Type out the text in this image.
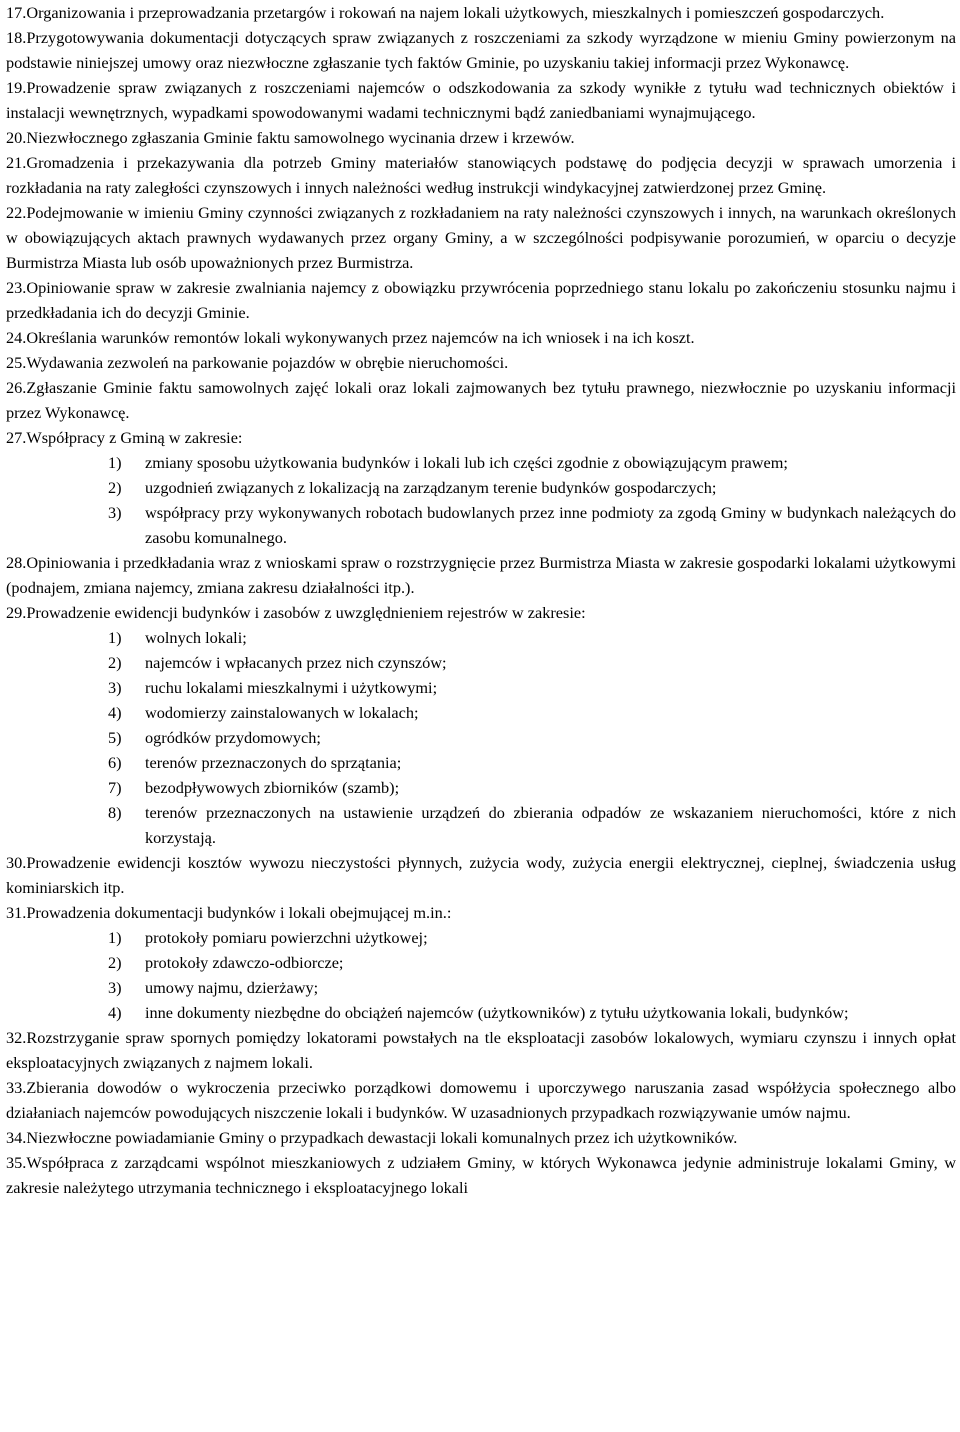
17.Organizowania i przeprowadzania przetargów i rokowań na najem lokali użytkowych, mieszkalnych i pomieszczeń gospodarczych.

18.Przygotowywania dokumentacji dotyczących spraw związanych z roszczeniami za szkody wyrządzone w mieniu Gminy powierzonym na podstawie niniejszej umowy oraz niezwłoczne zgłaszanie tych faktów Gminie, po uzyskaniu takiej informacji przez Wykonawcę.

19.Prowadzenie spraw związanych z roszczeniami najemców o odszkodowania za szkody wynikłe z tytułu wad technicznych obiektów i instalacji wewnętrznych, wypadkami spowodowanymi wadami technicznymi bądź zaniedbaniami wynajmującego.

20.Niezwłocznego zgłaszania Gminie faktu samowolnego wycinania drzew i krzewów.

21.Gromadzenia i przekazywania dla potrzeb Gminy materiałów stanowiących podstawę do podjęcia decyzji w sprawach umorzenia i rozkładania na raty zaległości czynszowych i innych należności według instrukcji windykacyjnej zatwierdzonej przez Gminę.

22.Podejmowanie w imieniu Gminy czynności związanych z rozkładaniem na raty należności czynszowych i innych, na warunkach określonych w obowiązujących aktach prawnych wydawanych przez organy Gminy, a w szczególności podpisywanie porozumień, w oparciu o decyzje Burmistrza Miasta lub osób upoważnionych przez Burmistrza.

23.Opiniowanie spraw w zakresie zwalniania najemcy z obowiązku przywrócenia poprzedniego stanu lokalu po zakończeniu stosunku najmu i przedkładania ich do decyzji Gminie.

24.Określania warunków remontów lokali wykonywanych przez najemców na ich wniosek i na ich koszt.

25.Wydawania zezwoleń na parkowanie pojazdów w obrębie nieruchomości.

26.Zgłaszanie Gminie faktu samowolnych zajęć lokali oraz lokali zajmowanych bez tytułu prawnego, niezwłocznie po uzyskaniu informacji przez Wykonawcę.

27.Współpracy z Gminą w zakresie:

1) zmiany sposobu użytkowania budynków i lokali lub ich części zgodnie z obowiązującym prawem;
2) uzgodnień związanych z lokalizacją na zarządzanym terenie budynków gospodarczych;
3) współpracy przy wykonywanych robotach budowlanych przez inne podmioty za zgodą Gminy w budynkach należących do zasobu komunalnego.

28.Opiniowania i przedkładania wraz z wnioskami spraw o rozstrzygnięcie przez Burmistrza Miasta w zakresie gospodarki lokalami użytkowymi (podnajem, zmiana najemcy, zmiana zakresu działalności itp.).

29.Prowadzenie ewidencji budynków i zasobów z uwzględnieniem rejestrów w zakresie:

1) wolnych lokali;
2) najemców i wpłacanych przez nich czynszów;
3) ruchu lokalami mieszkalnymi i użytkowymi;
4) wodomierzy zainstalowanych w lokalach;
5) ogródków przydomowych;
6) terenów przeznaczonych do sprzątania;
7) bezodpływowych zbiorników (szamb);
8) terenów przeznaczonych na ustawienie urządzeń do zbierania odpadów ze wskazaniem nieruchomości, które z nich korzystają.

30.Prowadzenie ewidencji kosztów wywozu nieczystości płynnych, zużycia wody, zużycia energii elektrycznej, cieplnej, świadczenia usług kominiarskich itp.

31.Prowadzenia dokumentacji budynków i lokali obejmującej m.in.:

1) protokoły pomiaru powierzchni użytkowej;
2) protokoły zdawczo-odbiorcze;
3) umowy najmu, dzierżawy;
4) inne dokumenty niezbędne do obciążeń najemców (użytkowników) z tytułu użytkowania lokali, budynków;

32.Rozstrzyganie spraw spornych pomiędzy lokatorami powstałych na tle eksploatacji zasobów lokalowych, wymiaru czynszu i innych opłat eksploatacyjnych związanych z najmem lokali.

33.Zbierania dowodów o wykroczenia przeciwko porządkowi domowemu i uporczywego naruszania zasad współżycia społecznego albo działaniach najemców powodujących niszczenie lokali i budynków. W uzasadnionych przypadkach rozwiązywanie umów najmu.

34.Niezwłoczne powiadamianie Gminy o przypadkach dewastacji lokali komunalnych przez ich użytkowników.

35.Współpraca z zarządcami wspólnot mieszkaniowych z udziałem Gminy, w których Wykonawca jedynie administruje lokalami Gminy, w zakresie należytego utrzymania technicznego i eksploatacyjnego lokali
